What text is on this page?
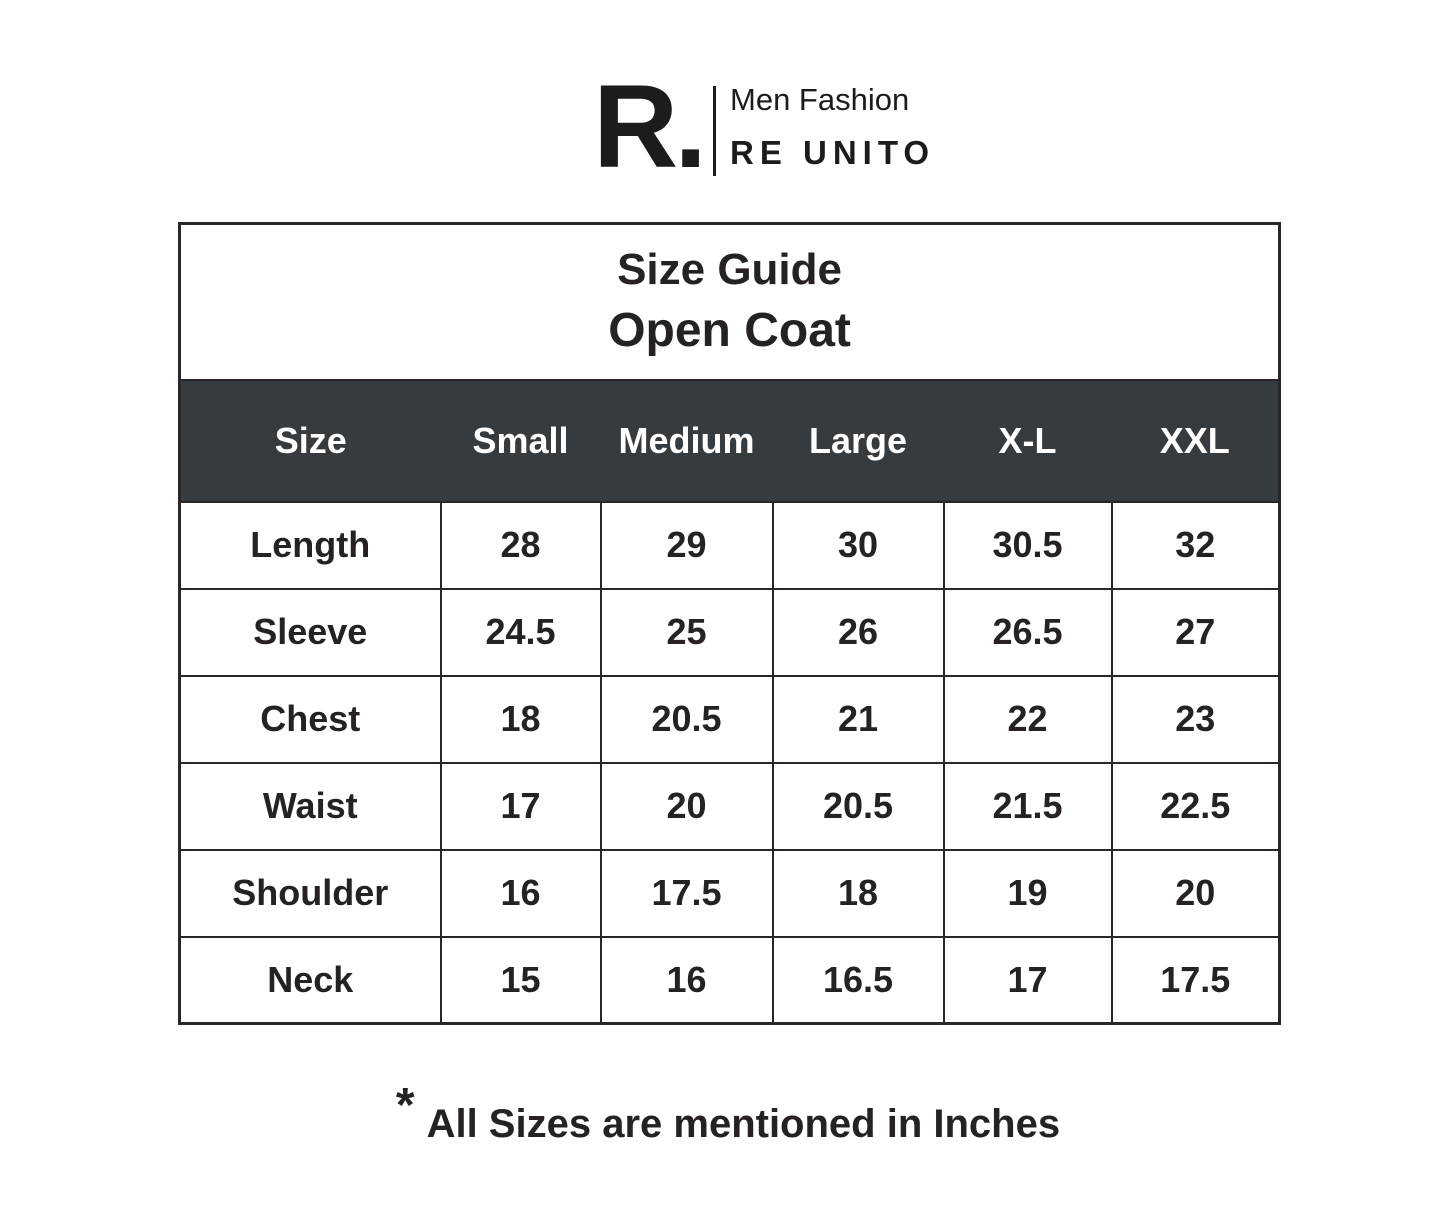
R. Men Fashion
RE UNITO
Size Guide
Open Coat					

Size	Small	Medium	Large	X-L	XXL
Length	28	29	30	30.5	32
Sleeve	24.5	25	26	26.5	27
Chest	18	20.5	21	22	23
Waist	17	20	20.5	21.5	22.5
Shoulder	16	17.5	18	19	20
Neck	15	16	16.5	17	17.5
* All Sizes are mentioned in Inches
